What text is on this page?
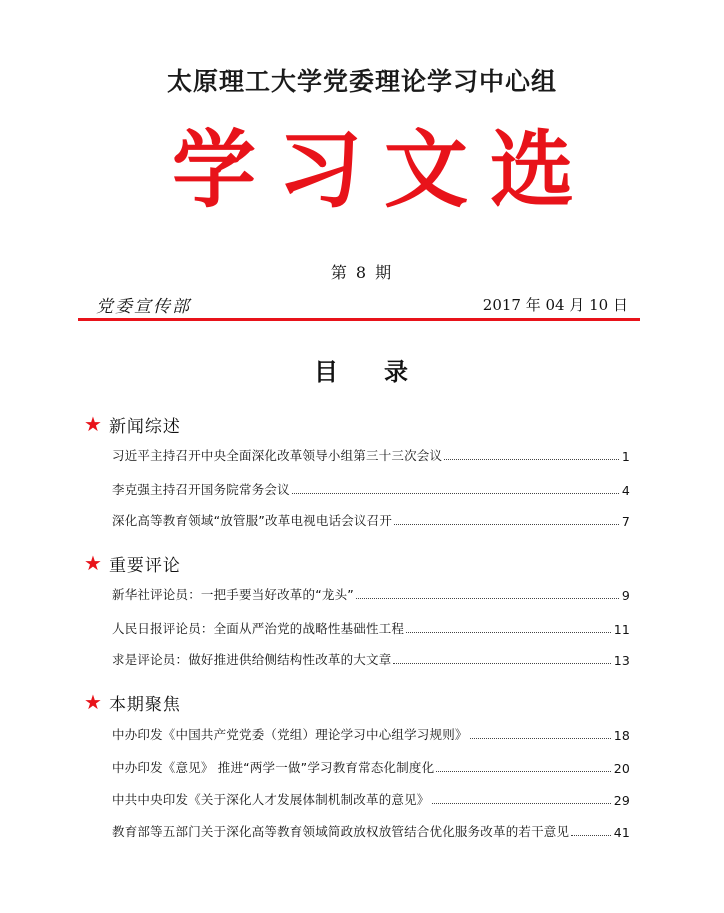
太原理工大学党委理论学习中心组
学习文选
第 8 期
党委宣传部	2017 年 04 月 10 日
目 录
★ 新闻综述
习近平主持召开中央全面深化改革领导小组第三十三次会议	1
李克强主持召开国务院常务会议	4
深化高等教育领域“放管服”改革电视电话会议召开	7
★ 重要评论
新华社评论员：一把手要当好改革的“龙头”	9
人民日报评论员：全面从严治党的战略性基础性工程	11
求是评论员：做好推进供给侧结构性改革的大文章	13
★ 本期聚焦
中办印发《中国共产党党委（党组）理论学习中心组学习规则》	18
中办印发《意见》 推进“两学一做”学习教育常态化制度化	20
中共中央印发《关于深化人才发展体制机制改革的意见》	29
教育部等五部门关于深化高等教育领域简政放权放管结合优化服务改革的若干意见	41
